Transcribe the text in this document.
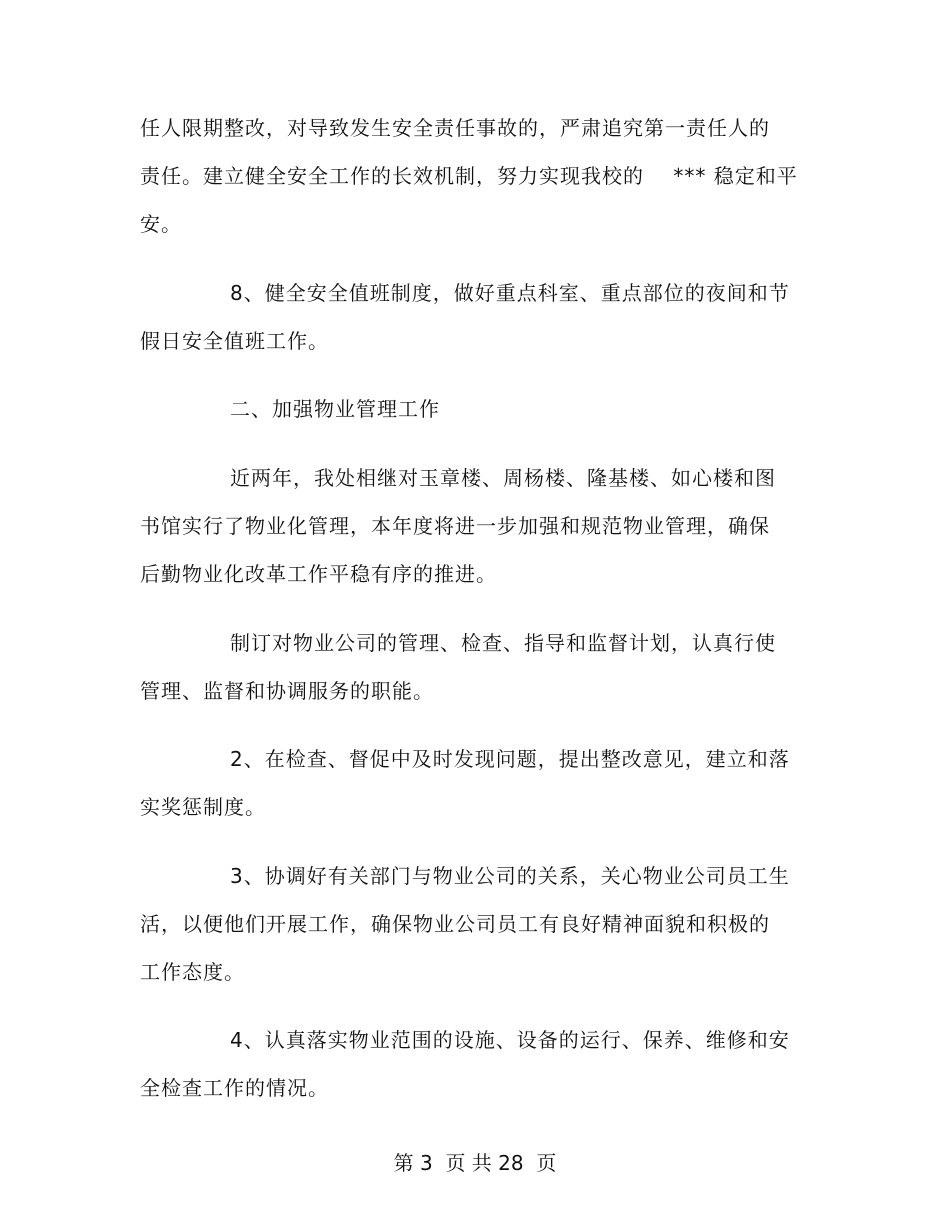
任人限期整改，对导致发生安全责任事故的，严肃追究第一责任人的
责任。建立健全安全工作的长效机制，努力实现我校的    *** 稳定和平
安。
8、健全安全值班制度，做好重点科室、重点部位的夜间和节
假日安全值班工作。
二、加强物业管理工作
近两年，我处相继对玉章楼、周杨楼、隆基楼、如心楼和图
书馆实行了物业化管理，本年度将进一步加强和规范物业管理，确保
后勤物业化改革工作平稳有序的推进。
制订对物业公司的管理、检查、指导和监督计划，认真行使
管理、监督和协调服务的职能。
2、在检查、督促中及时发现问题，提出整改意见，建立和落
实奖惩制度。
3、协调好有关部门与物业公司的关系，关心物业公司员工生
活，以便他们开展工作，确保物业公司员工有良好精神面貌和积极的
工作态度。
4、认真落实物业范围的设施、设备的运行、保养、维修和安
全检查工作的情况。
第 3  页 共 28  页
